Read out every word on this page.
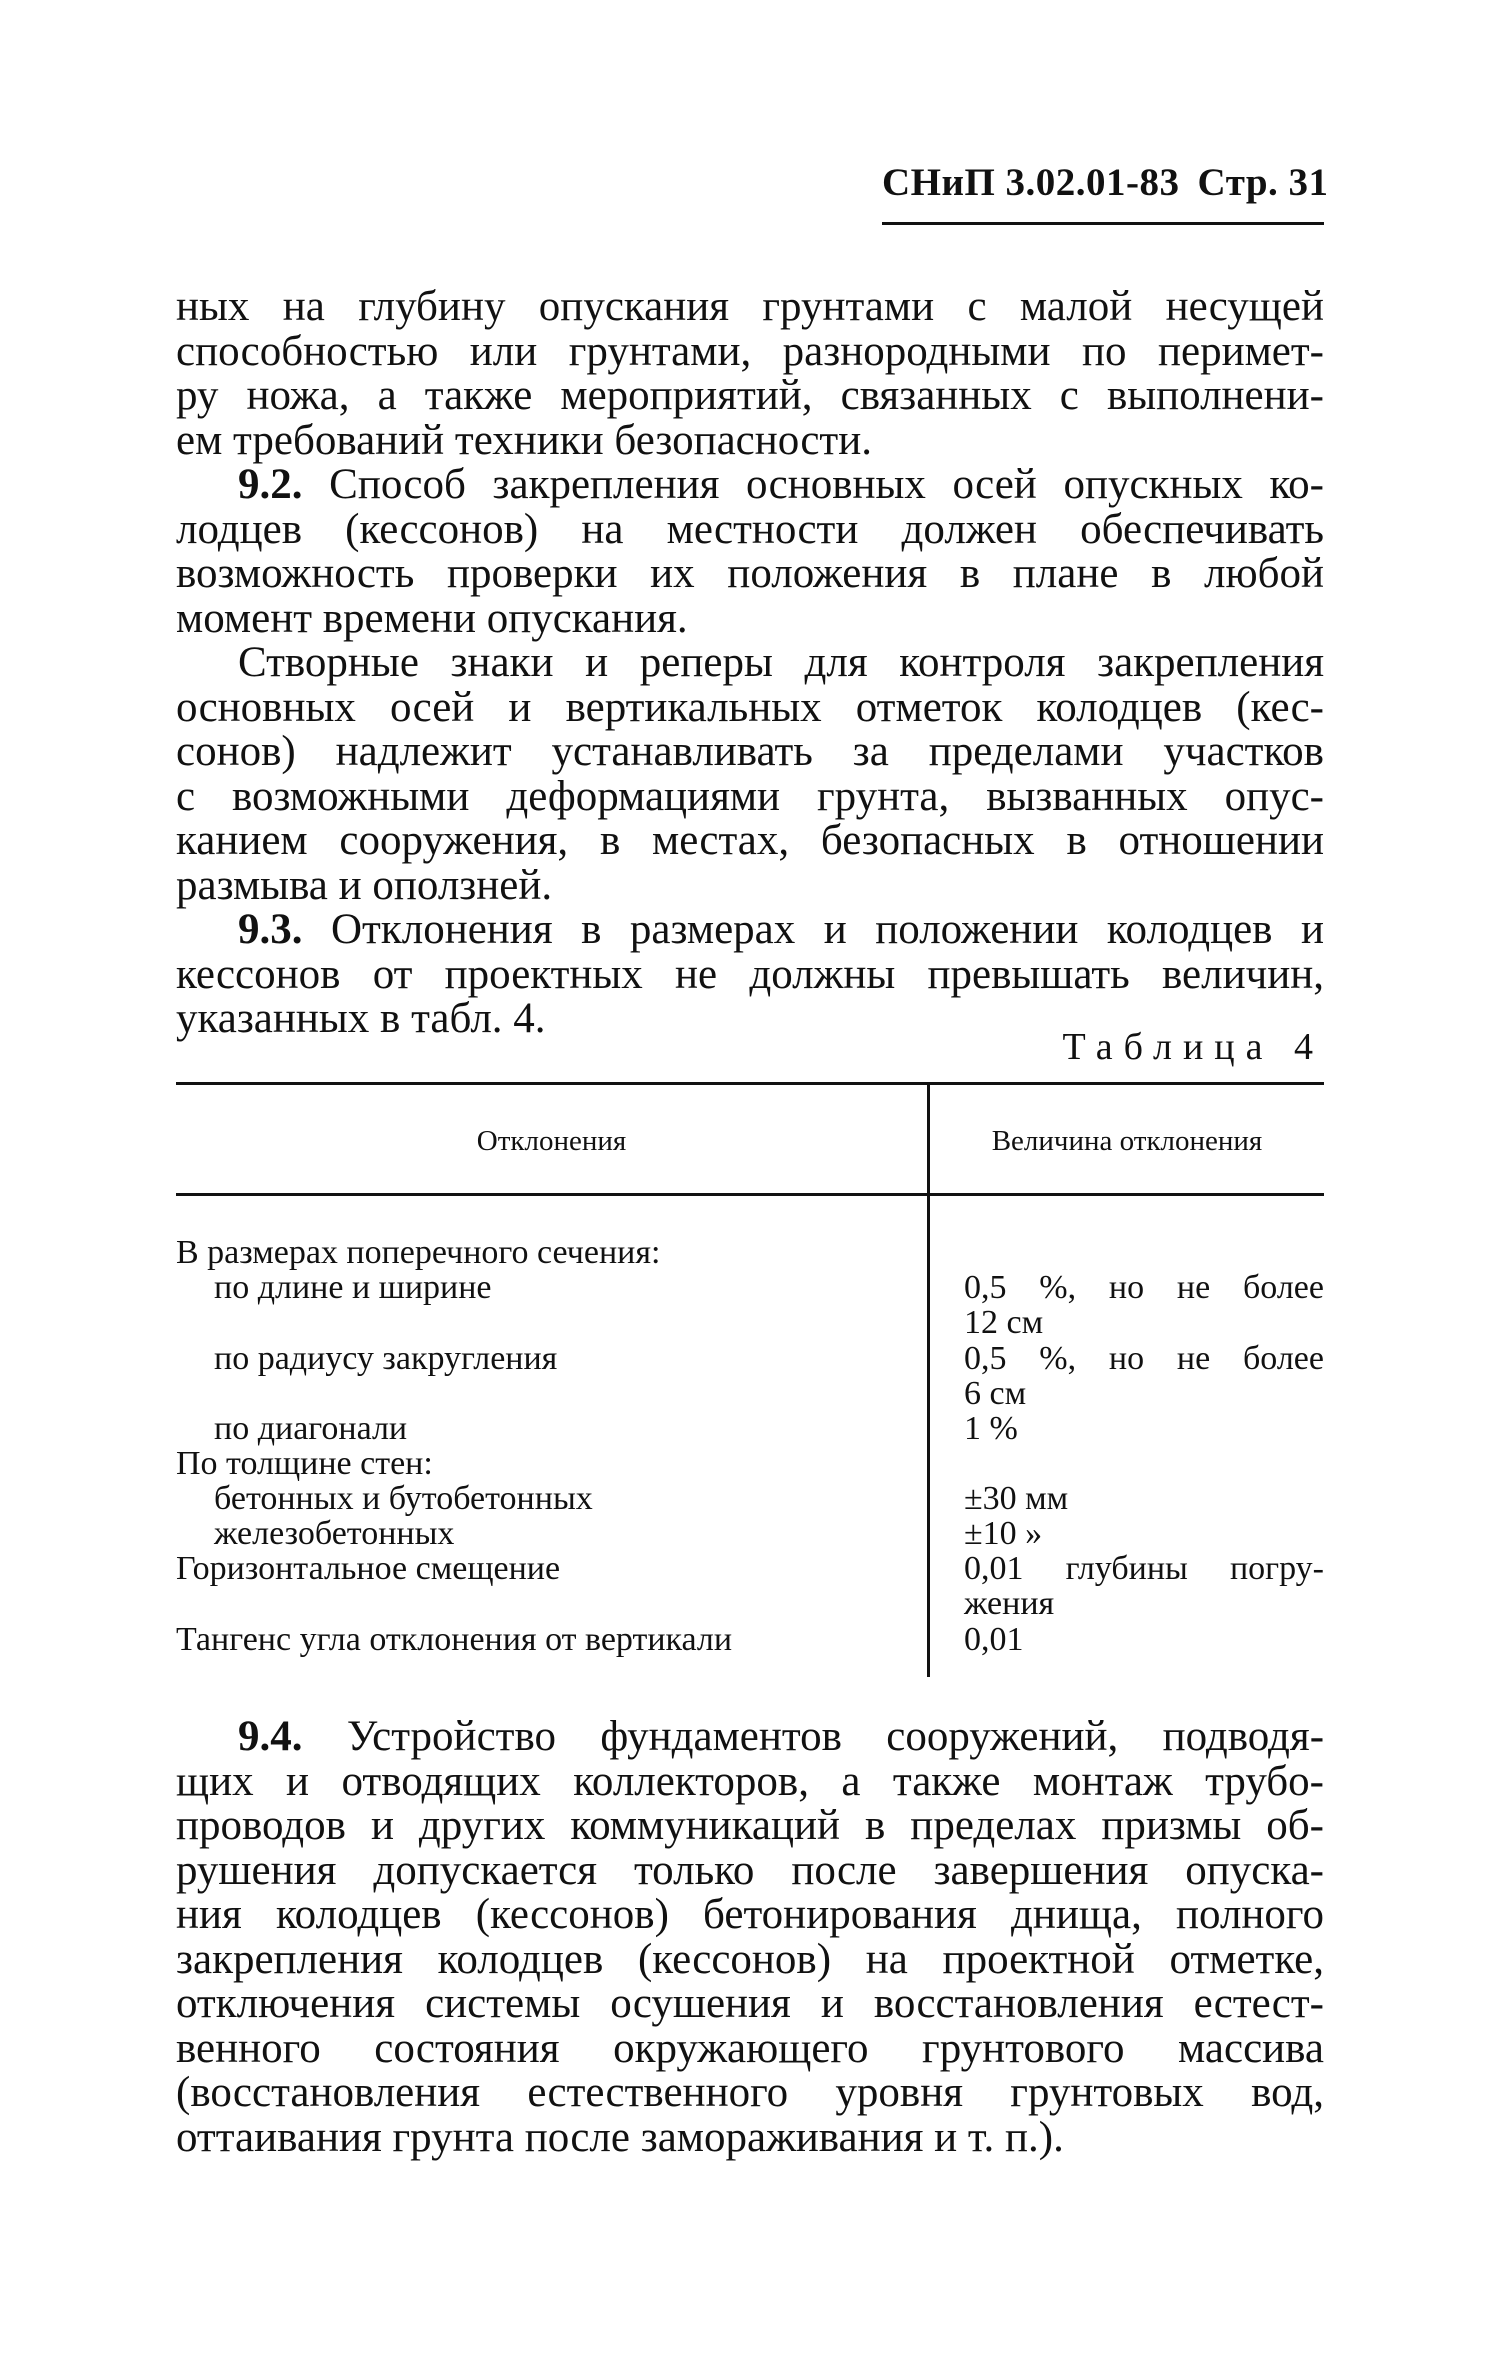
СНиП 3.02.01-83 Стр. 31

ных на глубину опускания грунтами с малой несущей

способностью или грунтами, разнородными по перимет-

ру ножа, а также мероприятий, связанных с выполнени-

ем требований техники безопасности.

9.2. Способ закрепления основных осей опускных ко-

лодцев (кессонов) на местности должен обеспечивать

возможность проверки их положения в плане в любой

момент времени опускания.

Створные знаки и реперы для контроля закрепления

основных осей и вертикальных отметок колодцев (кес-

сонов) надлежит устанавливать за пределами участков

с возможными деформациями грунта, вызванных опус-

канием сооружения, в местах, безопасных в отношении

размыва и оползней.

9.3. Отклонения в размерах и положении колодцев и

кессонов от проектных не должны превышать величин,

указанных в табл. 4.

Таблица 4
Отклонения	Величина отклонения
В размерах поперечного сечения:
по длине и ширине	0,5 %, но не более
12 см
по радиусу закругления	0,5 %, но не более
6 см
по диагонали	1 %
По толщине стен:
бетонных и бутобетонных	±30 мм
железобетонных	±10 »
Горизонтальное смещение	0,01 глубины погру-
жения
Тангенс угла отклонения от вертикали	0,01

9.4. Устройство фундаментов сооружений, подводя-

щих и отводящих коллекторов, а также монтаж трубо-

проводов и других коммуникаций в пределах призмы об-

рушения допускается только после завершения опуска-

ния колодцев (кессонов) бетонирования днища, полного

закрепления колодцев (кессонов) на проектной отметке,

отключения системы осушения и восстановления естест-

венного состояния окружающего грунтового массива

(восстановления естественного уровня грунтовых вод,

оттаивания грунта после замораживания и т. п.).
